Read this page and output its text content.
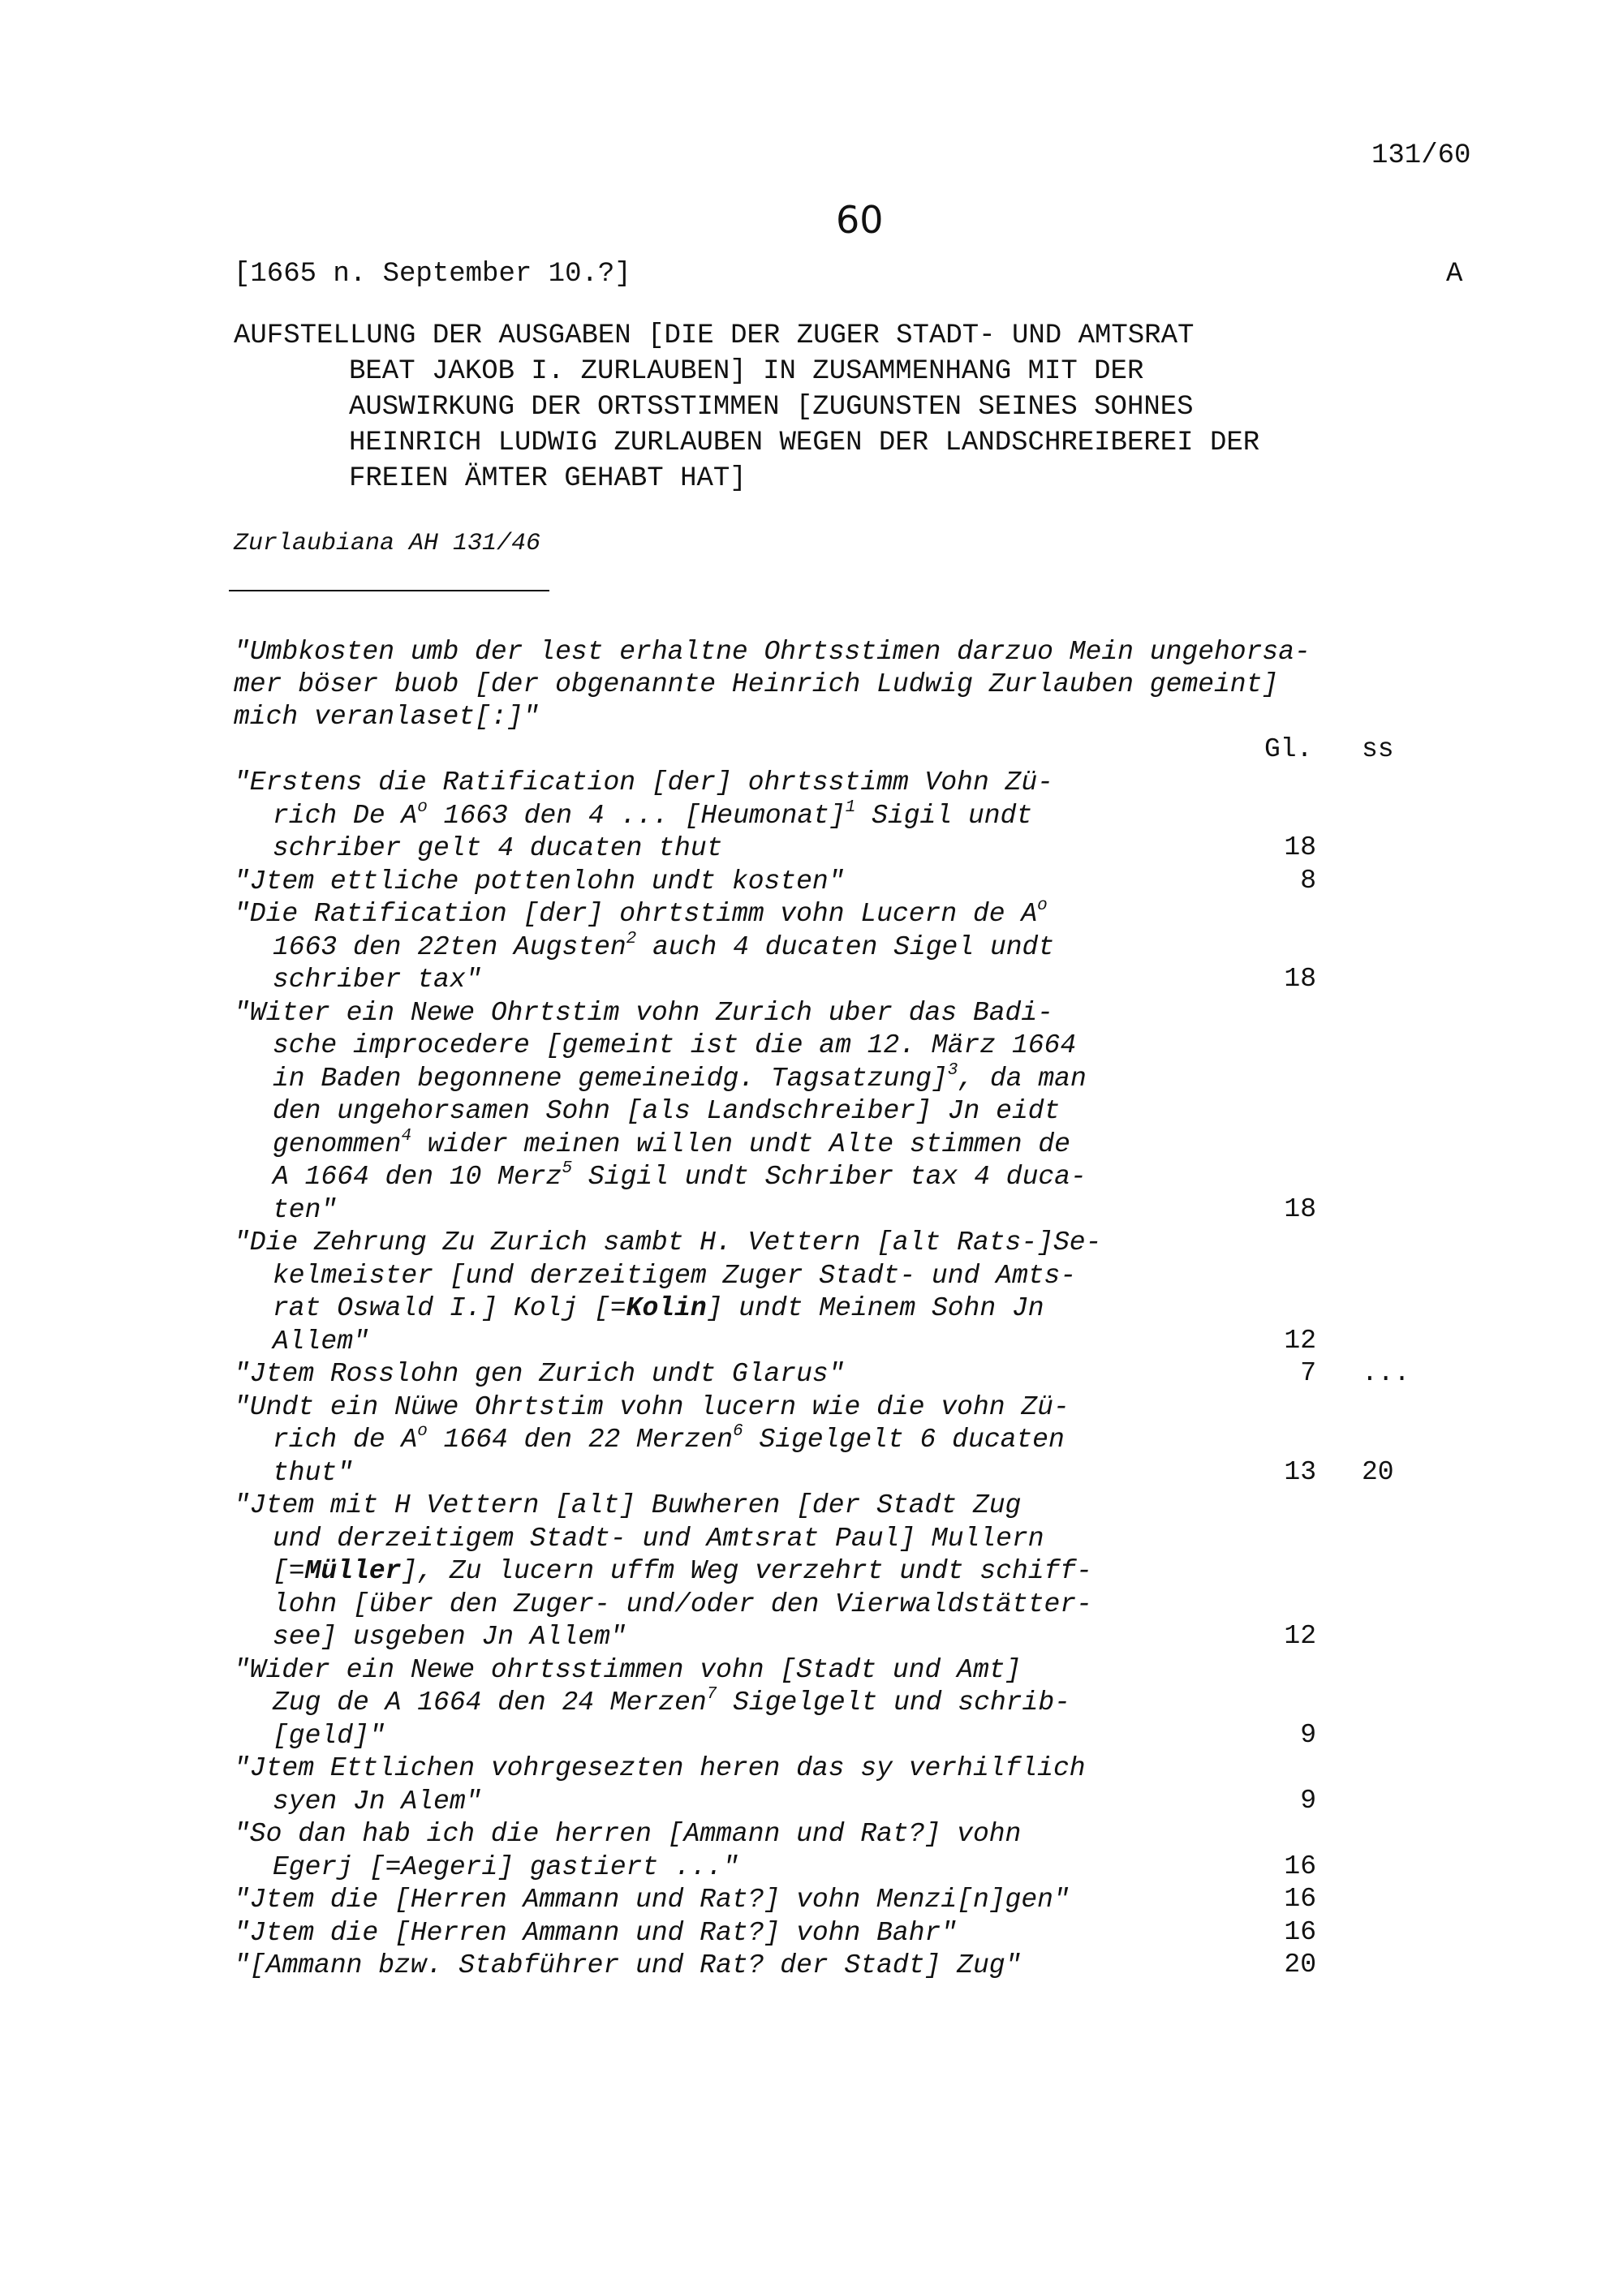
131/60
60
[1665 n. September 10.?]	A
AUFSTELLUNG DER AUSGABEN [DIE DER ZUGER STADT- UND AMTSRAT
BEAT JAKOB I. ZURLAUBEN] IN ZUSAMMENHANG MIT DER
AUSWIRKUNG DER ORTSSTIMMEN [ZUGUNSTEN SEINES SOHNES
HEINRICH LUDWIG ZURLAUBEN WEGEN DER LANDSCHREIBEREI DER
FREIEN ÄMTER GEHABT HAT]
Zurlaubiana AH 131/46
"Umbkosten umb der lest erhaltne Ohrtsstimen darzuo Mein ungehorsa-
mer böser buob [der obgenannte Heinrich Ludwig Zurlauben gemeint]
mich veranlaset[:]"
Gl. ss
"Erstens die Ratification [der] ohrtsstimm Vohn Zü-
rich De $A^o$ 1663 den 4 ... [Heumonat]$^1$ Sigil undt
schriber gelt 4 ducaten thut	18
"Jtem ettliche pottenlohn undt kosten"	8
"Die Ratification [der] ohrtstimm vohn Lucern de $A^o$
1663 den 22ten Augsten$^2$ auch 4 ducaten Sigel undt
schriber tax"	18
"Witer ein Newe Ohrtstim vohn Zurich uber das Badi-
sche improcedere [gemeint ist die am 12. März 1664
in Baden begonnene gemeineidg. Tagsatzung]$^3$, da man
den ungehorsamen Sohn [als Landschreiber] Jn eidt
genommen$^4$ wider meinen willen undt Alte stimmen de
A 1664 den 10 Merz$^5$ Sigil undt Schriber tax 4 duca-
ten"	18
"Die Zehrung Zu Zurich sambt H. Vettern [alt Rats-]Se-
kelmeister [und derzeitigem Zuger Stadt- und Amts-
rat Oswald I.] Kolj [=Kolin] undt Meinem Sohn Jn
Allem"	12
"Jtem Rosslohn gen Zurich undt Glarus"	7 ...
"Undt ein Nüwe Ohrtstim vohn lucern wie die vohn Zü-
rich de $A^o$ 1664 den 22 Merzen$^6$ Sigelgelt 6 ducaten
thut"	13 20
"Jtem mit H Vettern [alt] Buwheren [der Stadt Zug
und derzeitigem Stadt- und Amtsrat Paul] Mullern
[=Müller], Zu lucern uffm Weg verzehrt undt schiff-
lohn [über den Zuger- und/oder den Vierwaldstätter-
see] usgeben Jn Allem"	12
"Wider ein Newe ohrtsstimmen vohn [Stadt und Amt]
Zug de A 1664 den 24 Merzen$^7$ Sigelgelt und schrib-
[geld]"	9
"Jtem Ettlichen vohrgesezten heren das sy verhilflich
syen Jn Alem"	9
"So dan hab ich die herren [Ammann und Rat?] vohn
Egerj [=Aegeri] gastiert ..."	16
"Jtem die [Herren Ammann und Rat?] vohn Menzi[n]gen"	16
"Jtem die [Herren Ammann und Rat?] vohn Bahr"	16
"[Ammann bzw. Stabführer und Rat? der Stadt] Zug"	20
